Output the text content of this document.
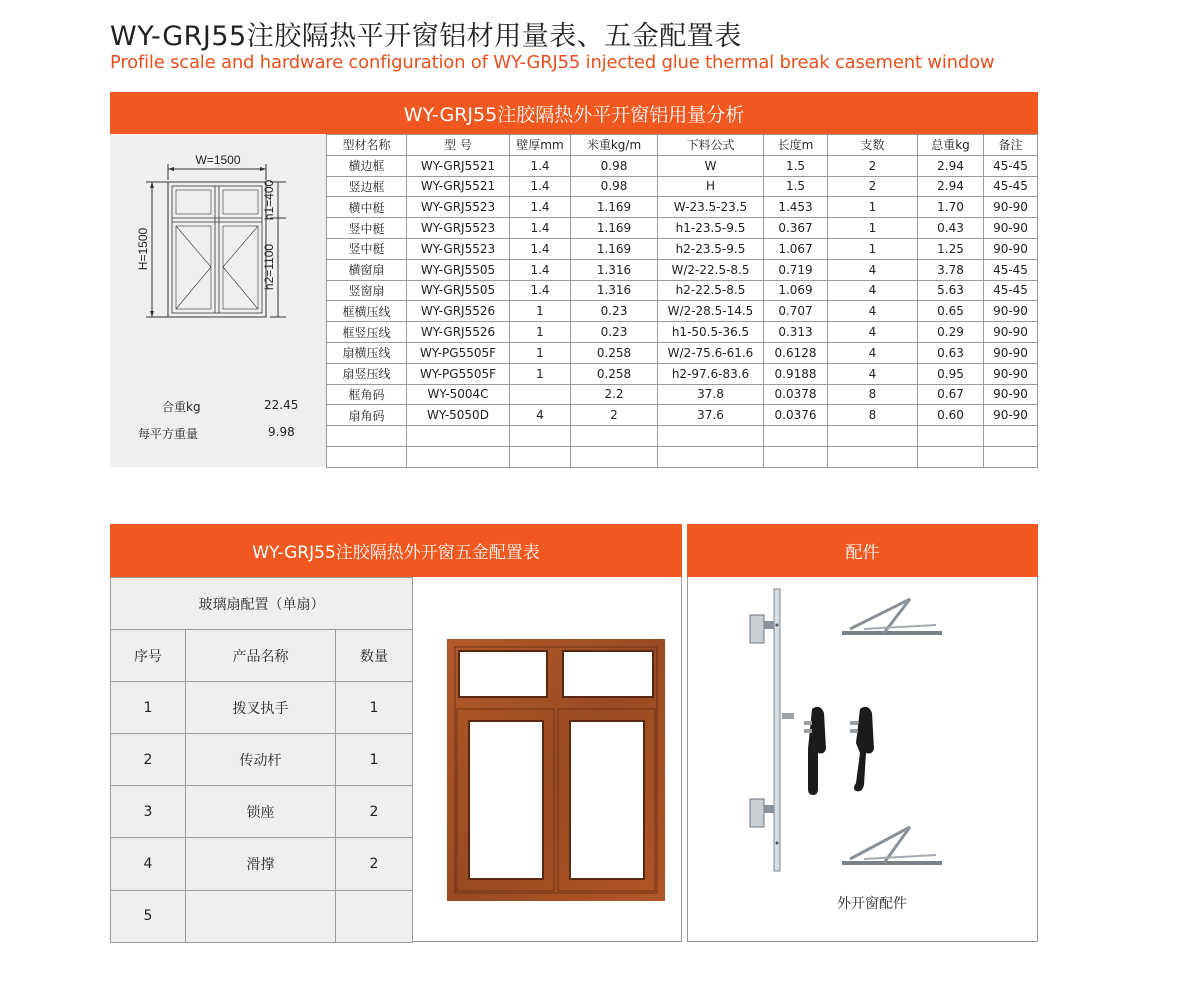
WY-GRJ55注胶隔热平开窗铝材用量表、五金配置表
Profile scale and hardware configuration of WY-GRJ55 injected glue thermal break casement window
WY-GRJ55注胶隔热外平开窗铝用量分析
W=1500
H=1500
h1=400
h2=1100
合重kg	22.45
每平方重量	9.98
型材名称	型 号	壁厚mm	米重kg/m	下料公式	长度m	支数	总重kg	备注
横边框	WY-GRJ5521	1.4	0.98	W	1.5	2	2.94	45-45
竖边框	WY-GRJ5521	1.4	0.98	H	1.5	2	2.94	45-45
横中梃	WY-GRJ5523	1.4	1.169	W-23.5-23.5	1.453	1	1.70	90-90
竖中梃	WY-GRJ5523	1.4	1.169	h1-23.5-9.5	0.367	1	0.43	90-90
竖中梃	WY-GRJ5523	1.4	1.169	h2-23.5-9.5	1.067	1	1.25	90-90
横窗扇	WY-GRJ5505	1.4	1.316	W/2-22.5-8.5	0.719	4	3.78	45-45
竖窗扇	WY-GRJ5505	1.4	1.316	h2-22.5-8.5	1.069	4	5.63	45-45
框横压线	WY-GRJ5526	1	0.23	W/2-28.5-14.5	0.707	4	0.65	90-90
框竖压线	WY-GRJ5526	1	0.23	h1-50.5-36.5	0.313	4	0.29	90-90
扇横压线	WY-PG5505F	1	0.258	W/2-75.6-61.6	0.6128	4	0.63	90-90
扇竖压线	WY-PG5505F	1	0.258	h2-97.6-83.6	0.9188	4	0.95	90-90
框角码	WY-5004C		2.2	37.8	0.0378	8	0.67	90-90
扇角码	WY-5050D	4	2	37.6	0.0376	8	0.60	90-90

WY-GRJ55注胶隔热外开窗五金配置表
玻璃扇配置（单扇）		
序号	产品名称	数量
1	拨叉执手	1
2	传动杆	1
3	锁座	2
4	滑撑	2
5		
配件
外开窗配件
